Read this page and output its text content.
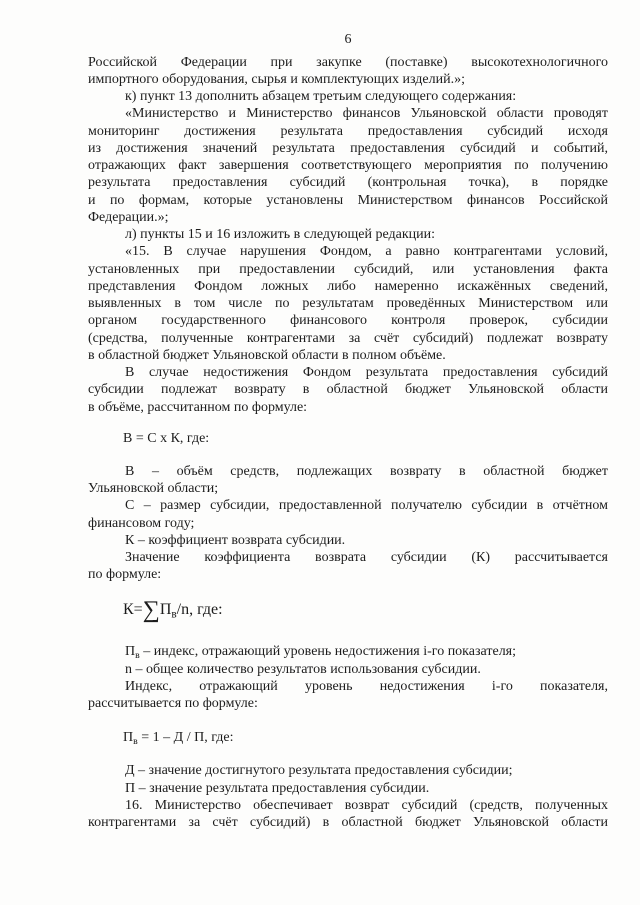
6
Российской Федерации при закупке (поставке) высокотехнологичного
импортного оборудования, сырья и комплектующих изделий.»;
к) пункт 13 дополнить абзацем третьим следующего содержания:
«Министерство и Министерство финансов Ульяновской области проводят
мониторинг достижения результата предоставления субсидий исходя
из достижения значений результата предоставления субсидий и событий,
отражающих факт завершения соответствующего мероприятия по получению
результата предоставления субсидий (контрольная точка), в порядке
и по формам, которые установлены Министерством финансов Российской
Федерации.»;
л) пункты 15 и 16 изложить в следующей редакции:
«15. В случае нарушения Фондом, а равно контрагентами условий,
установленных при предоставлении субсидий, или установления факта
представления Фондом ложных либо намеренно искажённых сведений,
выявленных в том числе по результатам проведённых Министерством или
органом государственного финансового контроля проверок, субсидии
(средства, полученные контрагентами за счёт субсидий) подлежат возврату
в областной бюджет Ульяновской области в полном объёме.
В случае недостижения Фондом результата предоставления субсидий
субсидии подлежат возврату в областной бюджет Ульяновской области
в объёме, рассчитанном по формуле:
В = С х К, где:
В – объём средств, подлежащих возврату в областной бюджет
Ульяновской области;
С – размер субсидии, предоставленной получателю субсидии в отчётном
финансовом году;
К – коэффициент возврата субсидии.
Значение коэффициента возврата субсидии (К) рассчитывается
по формуле:
$К=\sum П_в/n$, где:
$П_в$ – индекс, отражающий уровень недостижения i-го показателя;
n – общее количество результатов использования субсидии.
Индекс, отражающий уровень недостижения i-го показателя,
рассчитывается по формуле:
$П_в = 1 - Д / П$, где:
Д – значение достигнутого результата предоставления субсидии;
П – значение результата предоставления субсидии.
16. Министерство обеспечивает возврат субсидий (средств, полученных
контрагентами за счёт субсидий) в областной бюджет Ульяновской области
